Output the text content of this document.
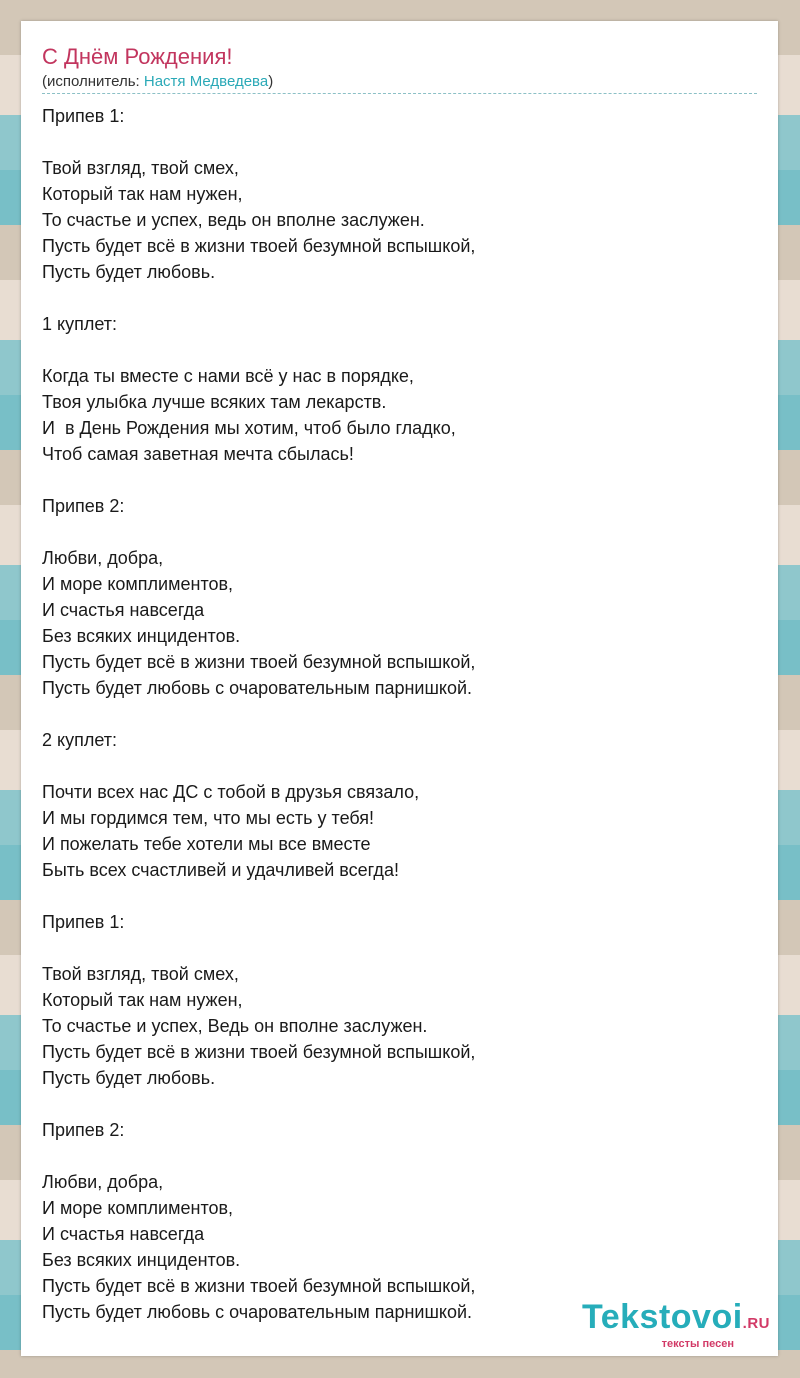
С Днём Рождения!
(исполнитель: Настя Медведева)
Припев 1:
Твой взгляд, твой смех,
Который так нам нужен,
То счастье и успех, ведь он вполне заслужен.
Пусть будет всё в жизни твоей безумной вспышкой,
Пусть будет любовь.
1 куплет:
Когда ты вместе с нами всё у нас в порядке,
Твоя улыбка лучше всяких там лекарств.
И  в День Рождения мы хотим, чтоб было гладко,
Чтоб самая заветная мечта сбылась!
Припев 2:
Любви, добра,
И море комплиментов,
И счастья навсегда
Без всяких инцидентов.
Пусть будет всё в жизни твоей безумной вспышкой,
Пусть будет любовь с очаровательным парнишкой.
2 куплет:
Почти всех нас ДС с тобой в друзья связало,
И мы гордимся тем, что мы есть у тебя!
И пожелать тебе хотели мы все вместе
Быть всех счастливей и удачливей всегда!
Припев 1:
Твой взгляд, твой смех,
Который так нам нужен,
То счастье и успех, Ведь он вполне заслужен.
Пусть будет всё в жизни твоей безумной вспышкой,
Пусть будет любовь.
Припев 2:
Любви, добра,
И море комплиментов,
И счастья навсегда
Без всяких инцидентов.
Пусть будет всё в жизни твоей безумной вспышкой,
Пусть будет любовь с очаровательным парнишкой.	Tekstovoi.RU
тексты песен
